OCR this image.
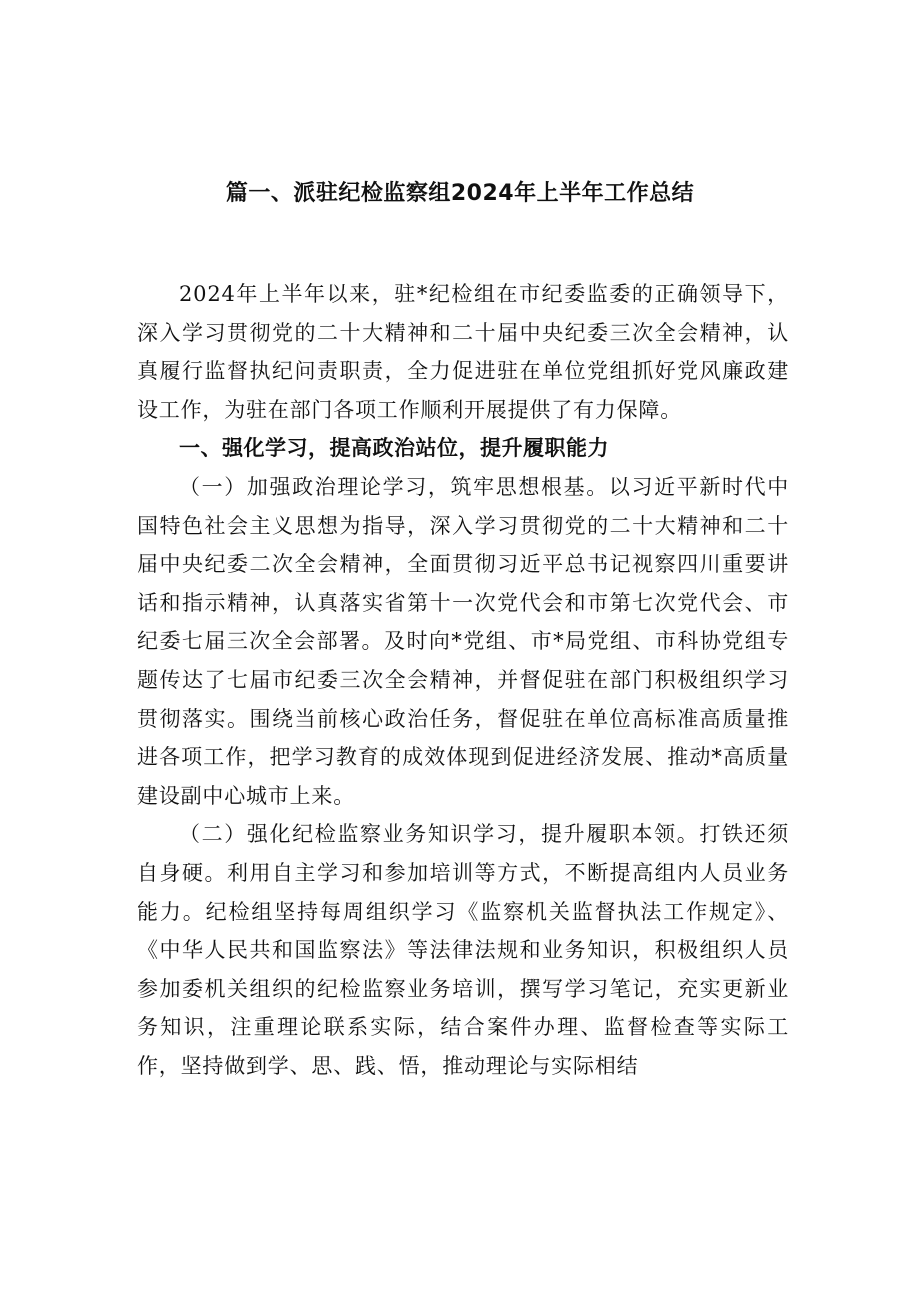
篇一、派驻纪检监察组2024年上半年工作总结

2024年上半年以来，驻*纪检组在市纪委监委的正确领导下，深入学习贯彻党的二十大精神和二十届中央纪委三次全会精神，认真履行监督执纪问责职责，全力促进驻在单位党组抓好党风廉政建设工作，为驻在部门各项工作顺利开展提供了有力保障。

一、强化学习，提高政治站位，提升履职能力

（一）加强政治理论学习，筑牢思想根基。以习近平新时代中国特色社会主义思想为指导，深入学习贯彻党的二十大精神和二十届中央纪委二次全会精神，全面贯彻习近平总书记视察四川重要讲话和指示精神，认真落实省第十一次党代会和市第七次党代会、市纪委七届三次全会部署。及时向*党组、市*局党组、市科协党组专题传达了七届市纪委三次全会精神，并督促驻在部门积极组织学习贯彻落实。围绕当前核心政治任务，督促驻在单位高标准高质量推进各项工作，把学习教育的成效体现到促进经济发展、推动*高质量建设副中心城市上来。

（二）强化纪检监察业务知识学习，提升履职本领。打铁还须自身硬。利用自主学习和参加培训等方式，不断提高组内人员业务能力。纪检组坚持每周组织学习《监察机关监督执法工作规定》、《中华人民共和国监察法》等法律法规和业务知识，积极组织人员参加委机关组织的纪检监察业务培训，撰写学习笔记，充实更新业务知识，注重理论联系实际，结合案件办理、监督检查等实际工作，坚持做到学、思、践、悟，推动理论与实际相结
